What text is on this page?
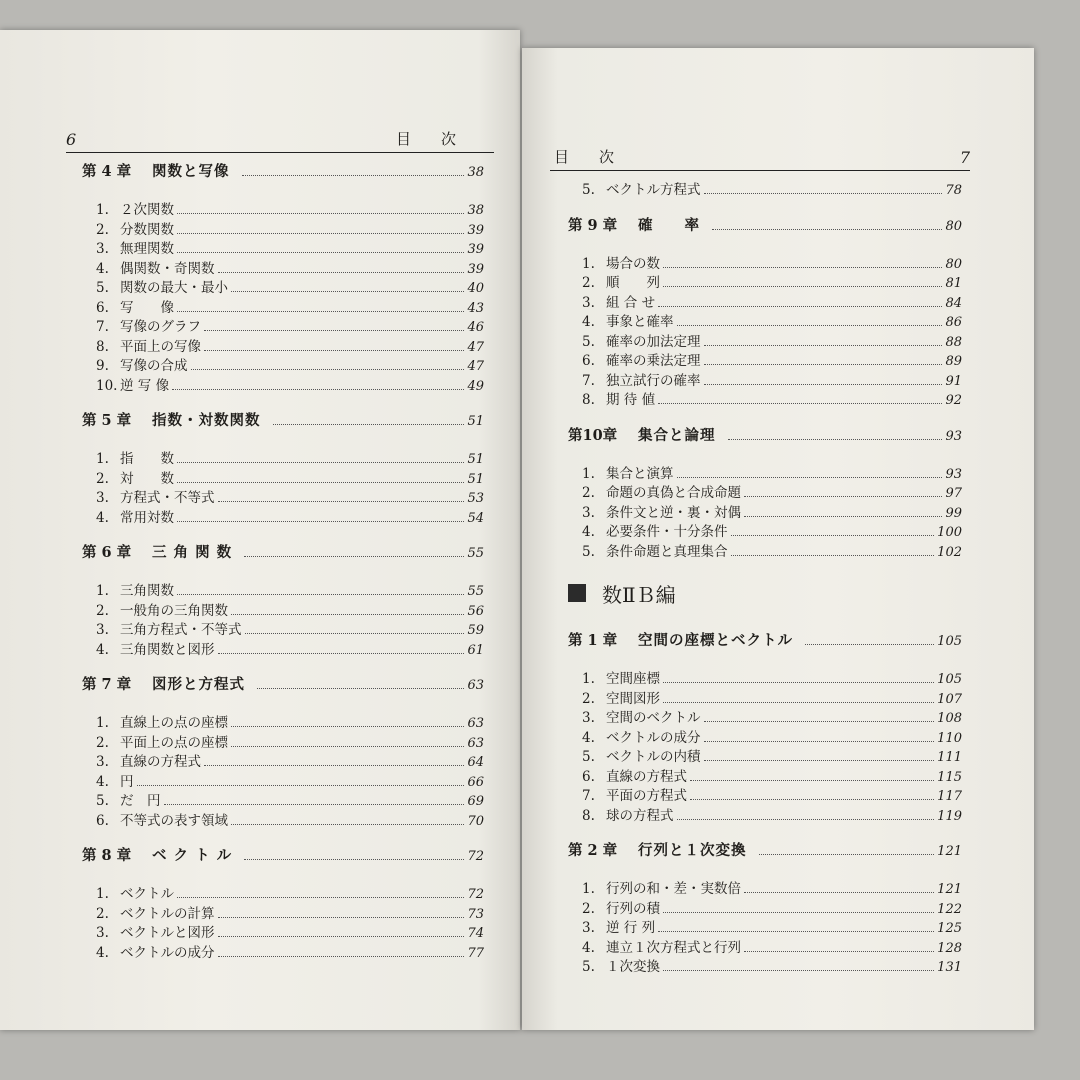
6	目　　次
第 4 章	関数と写像	38
1. ２次関数	38
2. 分数関数	39
3. 無理関数	39
4. 偶関数・奇関数	39
5. 関数の最大・最小	40
6. 写　　像	43
7. 写像のグラフ	46
8. 平面上の写像	47
9. 写像の合成	47
10. 逆 写 像	49
第 5 章	指数・対数関数	51
1. 指　　数	51
2. 対　　数	51
3. 方程式・不等式	53
4. 常用対数	54
第 6 章	三 角 関 数	55
1. 三角関数	55
2. 一般角の三角関数	56
3. 三角方程式・不等式	59
4. 三角関数と図形	61
第 7 章	図形と方程式	63
1. 直線上の点の座標	63
2. 平面上の点の座標	63
3. 直線の方程式	64
4. 円	66
5. だ　円	69
6. 不等式の表す領域	70
第 8 章	ベ ク ト ル	72
1. ベクトル	72
2. ベクトルの計算	73
3. ベクトルと図形	74
4. ベクトルの成分	77
目　　次	7
5. ベクトル方程式	78
第 9 章	確　　率	80
1. 場合の数	80
2. 順　　列	81
3. 組 合 せ	84
4. 事象と確率	86
5. 確率の加法定理	88
6. 確率の乗法定理	89
7. 独立試行の確率	91
8. 期 待 値	92
第10章	集合と論理	93
1. 集合と演算	93
2. 命題の真偽と合成命題	97
3. 条件文と逆・裏・対偶	99
4. 必要条件・十分条件	100
5. 条件命題と真理集合	102
数ⅡＢ編
第 1 章	空間の座標とベクトル	105
1. 空間座標	105
2. 空間図形	107
3. 空間のベクトル	108
4. ベクトルの成分	110
5. ベクトルの内積	111
6. 直線の方程式	115
7. 平面の方程式	117
8. 球の方程式	119
第 2 章	行列と１次変換	121
1. 行列の和・差・実数倍	121
2. 行列の積	122
3. 逆 行 列	125
4. 連立１次方程式と行列	128
5. １次変換	131
